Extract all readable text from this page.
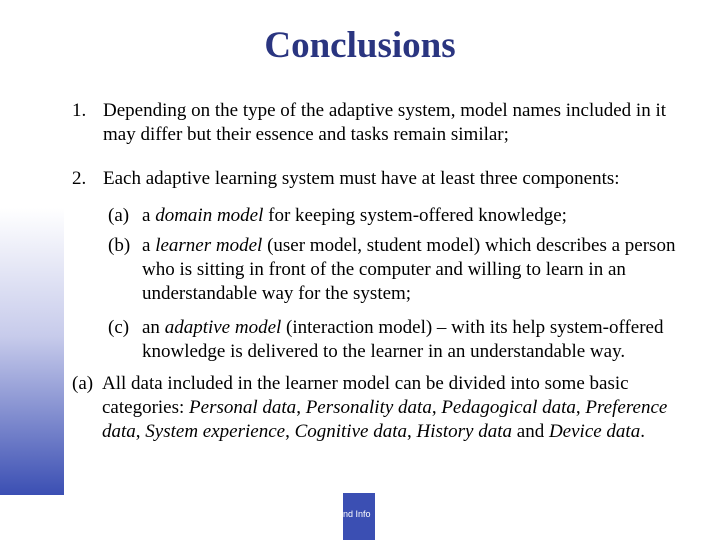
Conclusions
1. Depending on the type of the adaptive system, model names included in it may differ but their essence and tasks remain similar;
2. Each adaptive learning system must have at least three components:
(a) a domain model for keeping system-offered knowledge;
(b) a learner model (user model, student model) which describes a person who is sitting in front of the computer and willing to learn in an understandable way for the system;
(c) an adaptive model (interaction model) – with its help system-offered knowledge is delivered to the learner in an understandable way.
(a) All data included in the learner model can be divided into some basic categories: Personal data, Personality data, Pedagogical data, Preference data, System experience, Cognitive data, History data and Device data.
nd Info
